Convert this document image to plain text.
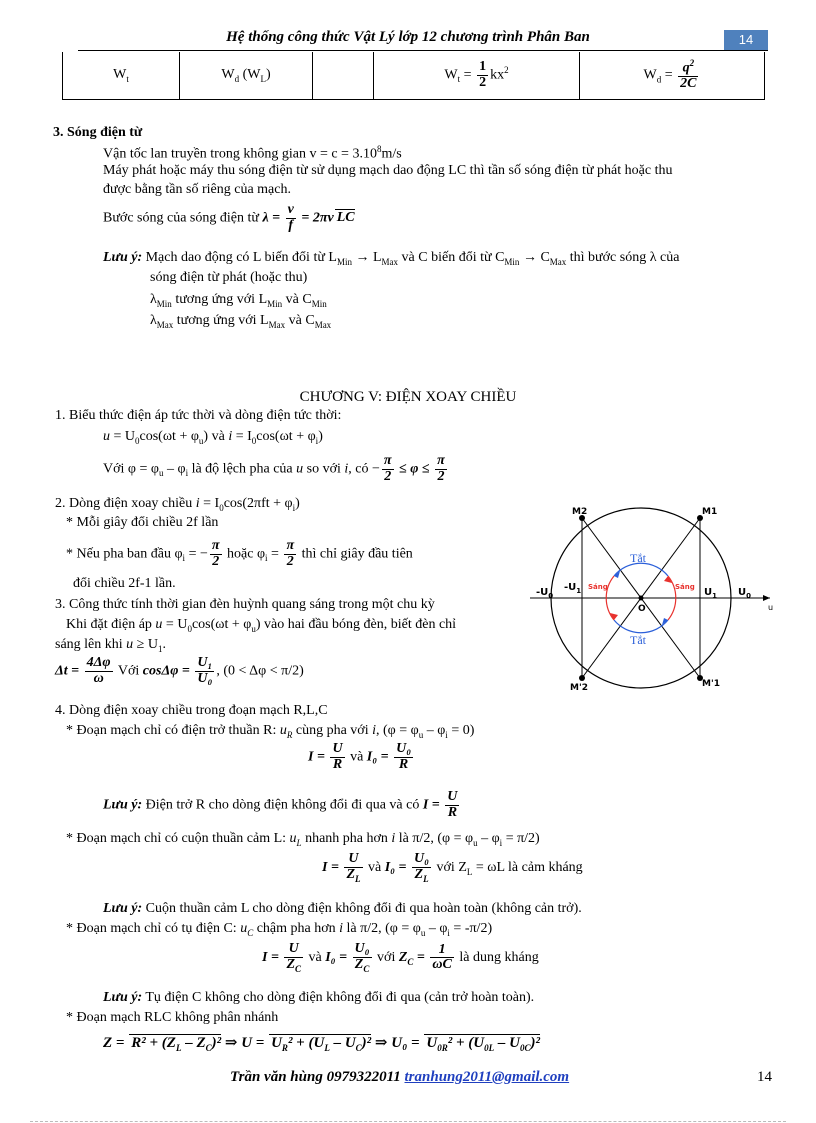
Hệ thống công thức Vật Lý lớp 12 chương trình Phân Ban	14
$W_t$	$W_d$ $(W_L)$		$W_t = \frac{1}{2} kx^2$	$W_d = \frac{q^2}{2C}$
3. Sóng điện từ
Vận tốc lan truyền trong không gian $v = c = 3.10^8m/s$
Máy phát hoặc máy thu sóng điện từ sử dụng mạch dao động LC thì tần số sóng điện từ phát hoặc thu
được bằng tần số riêng của mạch.
Bước sóng của sóng điện từ $\lambda = \frac{v}{f} = 2\pi v$ LC
Lưu ý: Mạch dao động có L biến đổi từ $L_{Min} \to L_{Max}$ và C biến đổi từ $C_{Min} \to C_{Max}$ thì bước sóng λ của
sóng điện từ phát (hoặc thu)
$\lambda_{Min}$ tương ứng với $L_{Min}$ và $C_{Min}$
$\lambda_{Max}$ tương ứng với $L_{Max}$ và $C_{Max}$
CHƯƠNG V: ĐIỆN XOAY CHIỀU
1. Biểu thức điện áp tức thời và dòng điện tức thời:
$u = U_0\cos(\omega t + \varphi_u)$ và $i = I_0\cos(\omega t + \varphi_i)$
Với $\varphi = \varphi_u - \varphi_i$ là độ lệch pha của u so với i, có − $\frac{\pi}{2} \le \varphi \le \frac{\pi}{2}$
2. Dòng điện xoay chiều $i = I_0\cos(2\pi ft + \varphi_i)$
* Mỗi giây đổi chiều 2f lần
* Nếu pha ban đầu $\varphi_i$ = − $\frac{\pi}{2}$ hoặc $\varphi_i = \frac{\pi}{2}$ thì chỉ giây đầu tiên
đổi chiều 2f-1 lần.
3. Công thức tính thời gian đèn huỳnh quang sáng trong một chu kỳ
Khi đặt điện áp $u = U_0\cos(\omega t + \varphi_u)$ vào hai đầu bóng đèn, biết đèn chỉ
sáng lên khi $u \ge U_1$.
$\Delta t = \frac{4\Delta\varphi}{\omega}$ Với $\cos\Delta\varphi = \frac{\text{U₁}}{\text{U₀}}$ , (0 < Δφ < π/2)
M2	M1
M'2	M'1
$-U_0$
$-U_1$	$U_1$ $U_0$
O	u
Tắt
Tắt
Sáng	Sáng
4. Dòng điện xoay chiều trong đoạn mạch R,L,C
* Đoạn mạch chỉ có điện trở thuần R: $u_R$ cùng pha với i, $(\varphi = \varphi_u - \varphi_i = 0)$
$I = \frac{U}{R}$ và $I_0 = \frac{\text{U₀}}{R}$
Lưu ý: Điện trở R cho dòng điện không đổi đi qua và có $I = \frac{U}{R}$
* Đoạn mạch chỉ có cuộn thuần cảm L: $u_L$ nhanh pha hơn i là π/2, $(\varphi = \varphi_u - \varphi_i = \pi/2)$
$I = \frac{U}{Z_L}$ và $I_0 = \frac{\text{U₀}}{Z_L}$ với $Z_L = \omega L$ là cảm kháng
Lưu ý: Cuộn thuần cảm L cho dòng điện không đổi đi qua hoàn toàn (không cản trở).
* Đoạn mạch chỉ có tụ điện C: $u_C$ chậm pha hơn i là π/2, $(\varphi = \varphi_u - \varphi_i = -\pi/2)$
$I = \frac{U}{Z_C}$ và $I_0 = \frac{\text{U₀}}{Z_C}$ với $Z_C = \frac{1}{\omega C}$ là dung kháng
Lưu ý: Tụ điện C không cho dòng điện không đổi đi qua (cản trở hoàn toàn).
* Đoạn mạch RLC không phân nhánh
$Z = R^2 + (Z_L - Z_C)^2$ ⇒ $U = U_R^2 + (U_L - U_C)^2$ ⇒ $U_0 = U_{0R}^2 + (U_{0L} - U_{0C})^2$
Trần văn hùng 0979322011 tranhung2011@gmail.com	14
